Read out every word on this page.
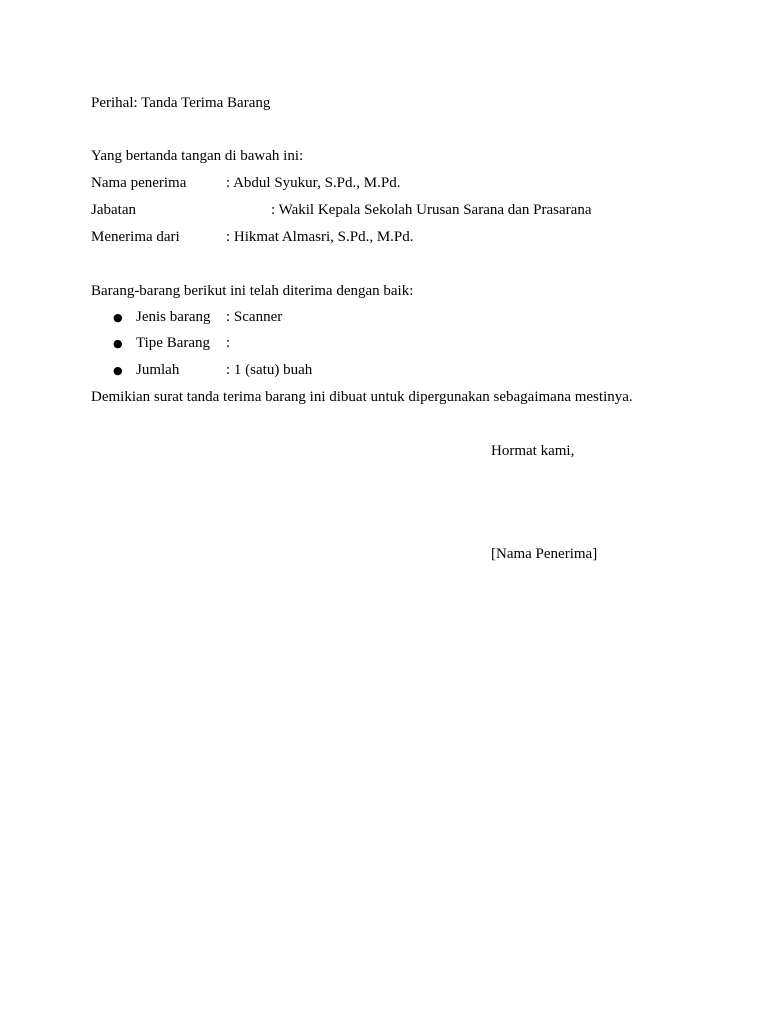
Perihal: Tanda Terima Barang
Yang bertanda tangan di bawah ini:
Nama penerima	: Abdul Syukur, S.Pd., M.Pd.
Jabatan	: Wakil Kepala Sekolah Urusan Sarana dan Prasarana
Menerima dari	: Hikmat Almasri, S.Pd., M.Pd.
Barang-barang berikut ini telah diterima dengan baik:
● Jenis barang : Scanner
● Tipe Barang :
● Jumlah	: 1 (satu) buah
Demikian surat tanda terima barang ini dibuat untuk dipergunakan sebagaimana mestinya.
Hormat kami,
[Nama Penerima]
